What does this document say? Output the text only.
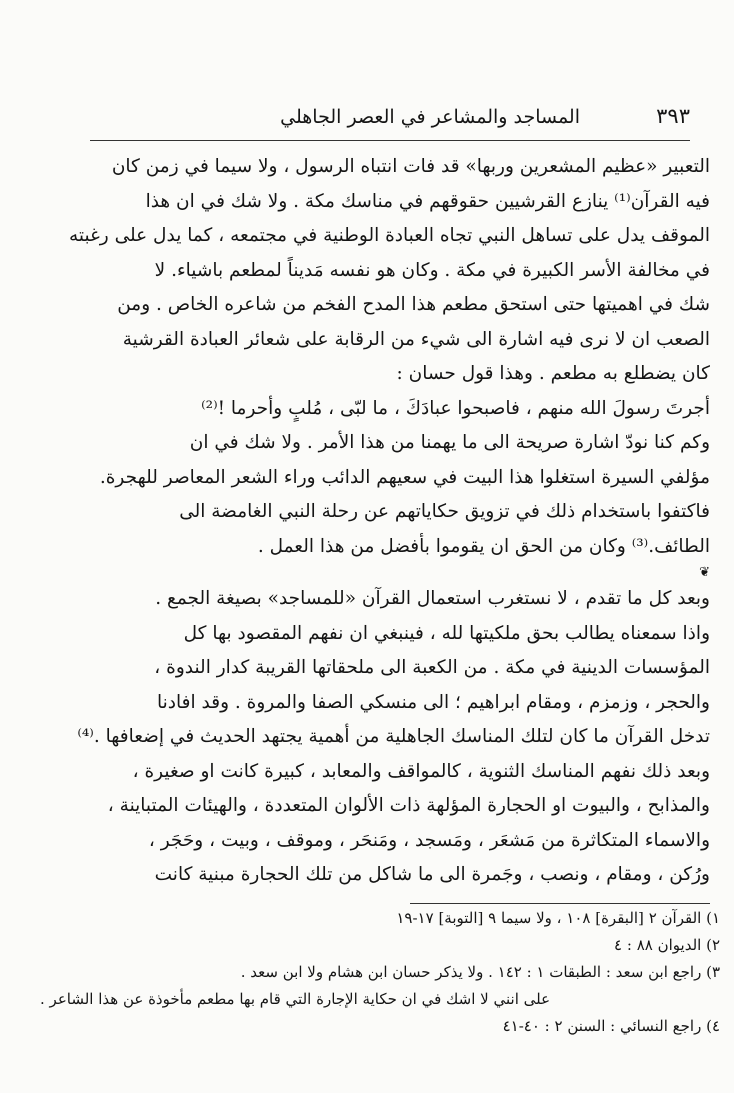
المساجد والمشاعر في العصر الجاهلي	٣٩٣
التعبير «عظيم المشعرين وربها» قد فات انتباه الرسول ، ولا سيما في زمن كان
فيه القرآن⁽¹⁾ ينازع القرشيين حقوقهم في مناسك مكة . ولا شك في ان هذا
الموقف يدل على تساهل النبي تجاه العبادة الوطنية في مجتمعه ، كما يدل على رغبته
في مخالفة الأسر الكبيرة في مكة . وكان هو نفسه مَديناً لمطعم باشياء. لا
شك في اهميتها حتى استحق مطعم هذا المدح الفخم من شاعره الخاص . ومن
الصعب ان لا نرى فيه اشارة الى شيء من الرقابة على شعائر العبادة القرشية
كان يضطلع به مطعم . وهذا قول حسان :
أجرتَ رسولَ الله منهم ، فاصبحوا عبادَكَ ، ما لبّى ، مُلبٍ وأحرما !⁽²⁾
وكم كنا نودّ اشارة صريحة الى ما يهمنا من هذا الأمر . ولا شك في ان
مؤلفي السيرة استغلوا هذا البيت في سعيهم الدائب وراء الشعر المعاصر للهجرة.
فاكتفوا باستخدام ذلك في تزويق حكاياتهم عن رحلة النبي الغامضة الى
الطائف.⁽³⁾ وكان من الحق ان يقوموا بأفضل من هذا العمل .
❦
وبعد كل ما تقدم ، لا نستغرب استعمال القرآن «للمساجد» بصيغة الجمع .
واذا سمعناه يطالب بحق ملكيتها لله ، فينبغي ان نفهم المقصود بها كل
المؤسسات الدينية في مكة . من الكعبة الى ملحقاتها القريبة كدار الندوة ،
والحجر ، وزمزم ، ومقام ابراهيم ؛ الى منسكي الصفا والمروة . وقد افادنا
تدخل القرآن ما كان لتلك المناسك الجاهلية من أهمية يجتهد الحديث في إضعافها .⁽⁴⁾
وبعد ذلك نفهم المناسك الثنوية ، كالمواقف والمعابد ، كبيرة كانت او صغيرة ،
والمذابح ، والبيوت او الحجارة المؤلهة ذات الألوان المتعددة ، والهيئات المتباينة ،
والاسماء المتكاثرة من مَشعَر ، ومَسجد ، ومَنحَر ، وموقف ، وبيت ، وحَجَر ،
ورُكن ، ومقام ، ونصب ، وجَمرة الى ما شاكل من تلك الحجارة مبنية كانت
١) القرآن ٢ [البقرة] ١٠٨ ، ولا سيما ٩ [التوبة] ١٧-١٩
٢) الديوان ٨٨ : ٤
٣) راجع ابن سعد : الطبقات ١ : ١٤٢ . ولا يذكر حسان ابن هشام ولا ابن سعد .
على انني لا اشك في ان حكاية الإجارة التي قام بها مطعم مأخوذة عن هذا الشاعر .
٤) راجع النسائي : السنن ٢ : ٤٠-٤١
